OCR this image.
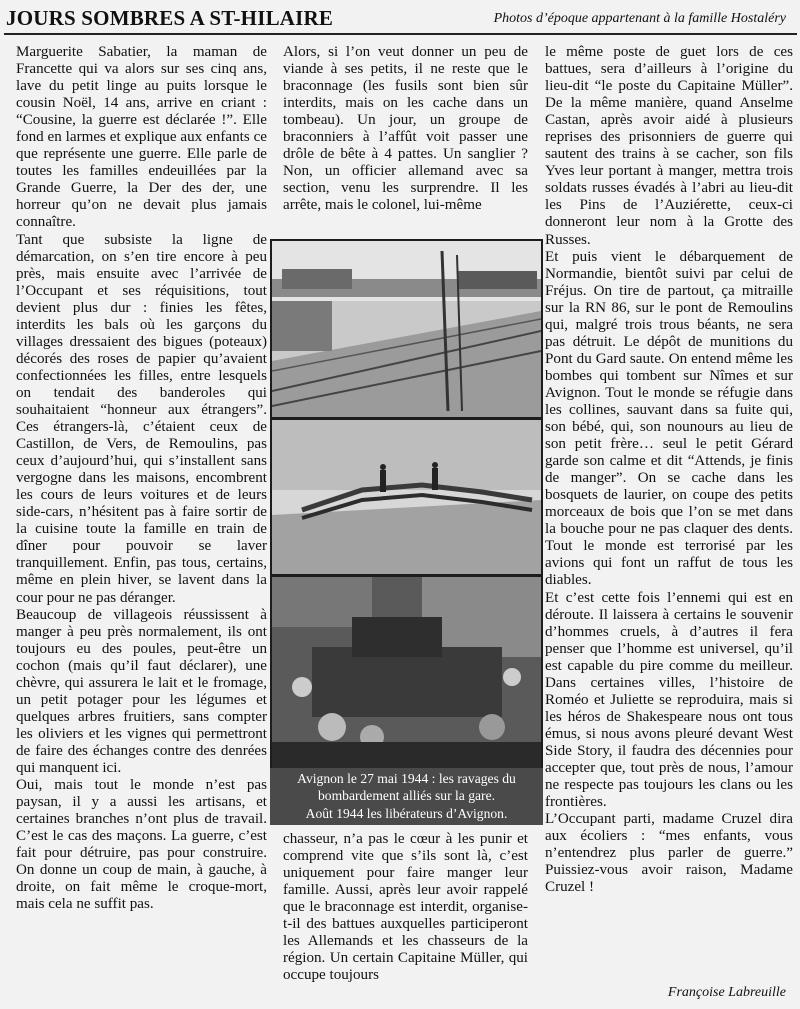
JOURS SOMBRES A ST-HILAIRE	Photos d’époque appartenant à la famille Hostaléry

Marguerite Sabatier, la maman de Francette qui va alors sur ses cinq ans, lave du petit linge au puits lorsque le cousin Noël, 14 ans, arrive en criant : “Cousine, la guerre est déclarée !”. Elle fond en larmes et explique aux enfants ce que représente une guerre. Elle parle de toutes les familles endeuillées par la Grande Guerre, la Der des der, une horreur qu’on ne devait plus jamais connaître.

Tant que subsiste la ligne de démarcation, on s’en tire encore à peu près, mais ensuite avec l’arrivée de l’Occupant et ses réquisitions, tout devient plus dur : finies les fêtes, interdits les bals où les garçons du villages dressaient des bigues (poteaux) décorés des roses de papier qu’avaient confectionnées les filles, entre lesquels on tendait des banderoles qui souhaitaient “honneur aux étrangers”. Ces étrangers-là, c’étaient ceux de Castillon, de Vers, de Remoulins, pas ceux d’aujourd’hui, qui s’installent sans vergogne dans les maisons, encombrent les cours de leurs voitures et de leurs side-cars, n’hésitent pas à faire sortir de la cuisine toute la famille en train de dîner pour pouvoir se laver tranquillement. Enfin, pas tous, certains, même en plein hiver, se lavent dans la cour pour ne pas déranger.

Beaucoup de villageois réussissent à manger à peu près normalement, ils ont toujours eu des poules, peut-être un cochon (mais qu’il faut déclarer), une chèvre, qui assurera le lait et le fromage, un petit potager pour les légumes et quelques arbres fruitiers, sans compter les oliviers et les vignes qui permettront de faire des échanges contre des denrées qui manquent ici.

Oui, mais tout le monde n’est pas paysan, il y a aussi les artisans, et certaines branches n’ont plus de travail. C’est le cas des maçons. La guerre, c’est fait pour détruire, pas pour construire. On donne un coup de main, à gauche, à droite, on fait même le croque-mort, mais cela ne suffit pas.

Alors, si l’on veut donner un peu de viande à ses petits, il ne reste que le braconnage (les fusils sont bien sûr interdits, mais on les cache dans un tombeau). Un jour, un groupe de braconniers à l’affût voit passer une drôle de bête à 4 pattes. Un sanglier ? Non, un officier allemand avec sa section, venu les surprendre. Il les arrête, mais le colonel, lui-même

Avignon le 27 mai 1944 : les ravages du
bombardement alliés sur la gare.
Août 1944 les libérateurs d’Avignon.

chasseur, n’a pas le cœur à les punir et comprend vite que s’ils sont là, c’est uniquement pour faire manger leur famille. Aussi, après leur avoir rappelé que le braconnage est interdit, organise-t-il des battues auxquelles participeront les Allemands et les chasseurs de la région. Un certain Capitaine Müller, qui occupe toujours

le même poste de guet lors de ces battues, sera d’ailleurs à l’origine du lieu-dit “le poste du Capitaine Müller”. De la même manière, quand Anselme Castan, après avoir aidé à plusieurs reprises des prisonniers de guerre qui sautent des trains à se cacher, son fils Yves leur portant à manger, mettra trois soldats russes évadés à l’abri au lieu-dit les Pins de l’Auziérette, ceux-ci donneront leur nom à la Grotte des Russes.

Et puis vient le débarquement de Normandie, bientôt suivi par celui de Fréjus. On tire de partout, ça mitraille sur la RN 86, sur le pont de Remoulins qui, malgré trois trous béants, ne sera pas détruit. Le dépôt de munitions du Pont du Gard saute. On entend même les bombes qui tombent sur Nîmes et sur Avignon. Tout le monde se réfugie dans les collines, sauvant dans sa fuite qui, son bébé, qui, son nounours au lieu de son petit frère… seul le petit Gérard garde son calme et dit “Attends, je finis de manger”. On se cache dans les bosquets de laurier, on coupe des petits morceaux de bois que l’on se met dans la bouche pour ne pas claquer des dents. Tout le monde est terrorisé par les avions qui font un raffut de tous les diables.

Et c’est cette fois l’ennemi qui est en déroute. Il laissera à certains le souvenir d’hommes cruels, à d’autres il fera penser que l’homme est universel, qu’il est capable du pire comme du meilleur. Dans certaines villes, l’histoire de Roméo et Juliette se reproduira, mais si les héros de Shakespeare nous ont tous émus, si nous avons pleuré devant West Side Story, il faudra des décennies pour accepter que, tout près de nous, l’amour ne respecte pas toujours les clans ou les frontières.

L’Occupant parti, madame Cruzel dira aux écoliers : “mes enfants, vous n’entendrez plus parler de guerre.” Puissiez-vous avoir raison, Madame Cruzel !

Françoise Labreuille
